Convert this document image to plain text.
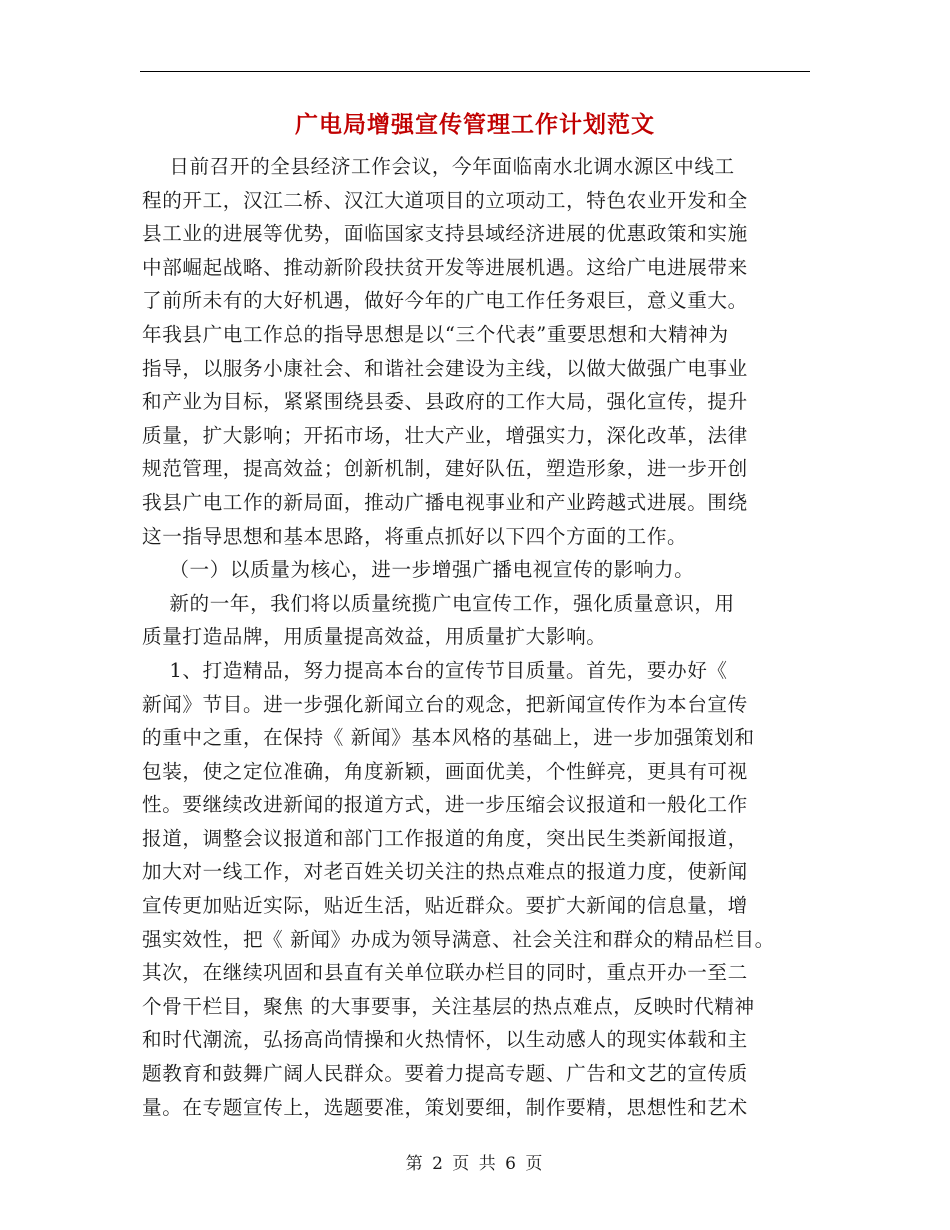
广电局增强宣传管理工作计划范文
日前召开的全县经济工作会议，今年面临南水北调水源区中线工
程的开工，汉江二桥、汉江大道项目的立项动工，特色农业开发和全
县工业的进展等优势，面临国家支持县域经济进展的优惠政策和实施
中部崛起战略、推动新阶段扶贫开发等进展机遇。这给广电进展带来
了前所未有的大好机遇，做好今年的广电工作任务艰巨，意义重大。
年我县广电工作总的指导思想是以“三个代表”重要思想和大精神为
指导，以服务小康社会、和谐社会建设为主线，以做大做强广电事业
和产业为目标，紧紧围绕县委、县政府的工作大局，强化宣传，提升
质量，扩大影响；开拓市场，壮大产业，增强实力，深化改革，法律
规范管理，提高效益；创新机制，建好队伍，塑造形象，进一步开创
我县广电工作的新局面，推动广播电视事业和产业跨越式进展。围绕
这一指导思想和基本思路，将重点抓好以下四个方面的工作。
（一）以质量为核心，进一步增强广播电视宣传的影响力。
新的一年，我们将以质量统揽广电宣传工作，强化质量意识，用
质量打造品牌，用质量提高效益，用质量扩大影响。
1、打造精品，努力提高本台的宣传节目质量。首先，要办好《
新闻》节目。进一步强化新闻立台的观念，把新闻宣传作为本台宣传
的重中之重，在保持《 新闻》基本风格的基础上，进一步加强策划和
包装，使之定位准确，角度新颖，画面优美，个性鲜亮，更具有可视
性。要继续改进新闻的报道方式，进一步压缩会议报道和一般化工作
报道，调整会议报道和部门工作报道的角度，突出民生类新闻报道，
加大对一线工作，对老百姓关切关注的热点难点的报道力度，使新闻
宣传更加贴近实际，贴近生活，贴近群众。要扩大新闻的信息量，增
强实效性，把《 新闻》办成为领导满意、社会关注和群众的精品栏目。
其次，在继续巩固和县直有关单位联办栏目的同时，重点开办一至二
个骨干栏目，聚焦 的大事要事，关注基层的热点难点，反映时代精神
和时代潮流，弘扬高尚情操和火热情怀，以生动感人的现实体载和主
题教育和鼓舞广阔人民群众。要着力提高专题、广告和文艺的宣传质
量。在专题宣传上，选题要准，策划要细，制作要精，思想性和艺术
第 2 页 共 6 页
